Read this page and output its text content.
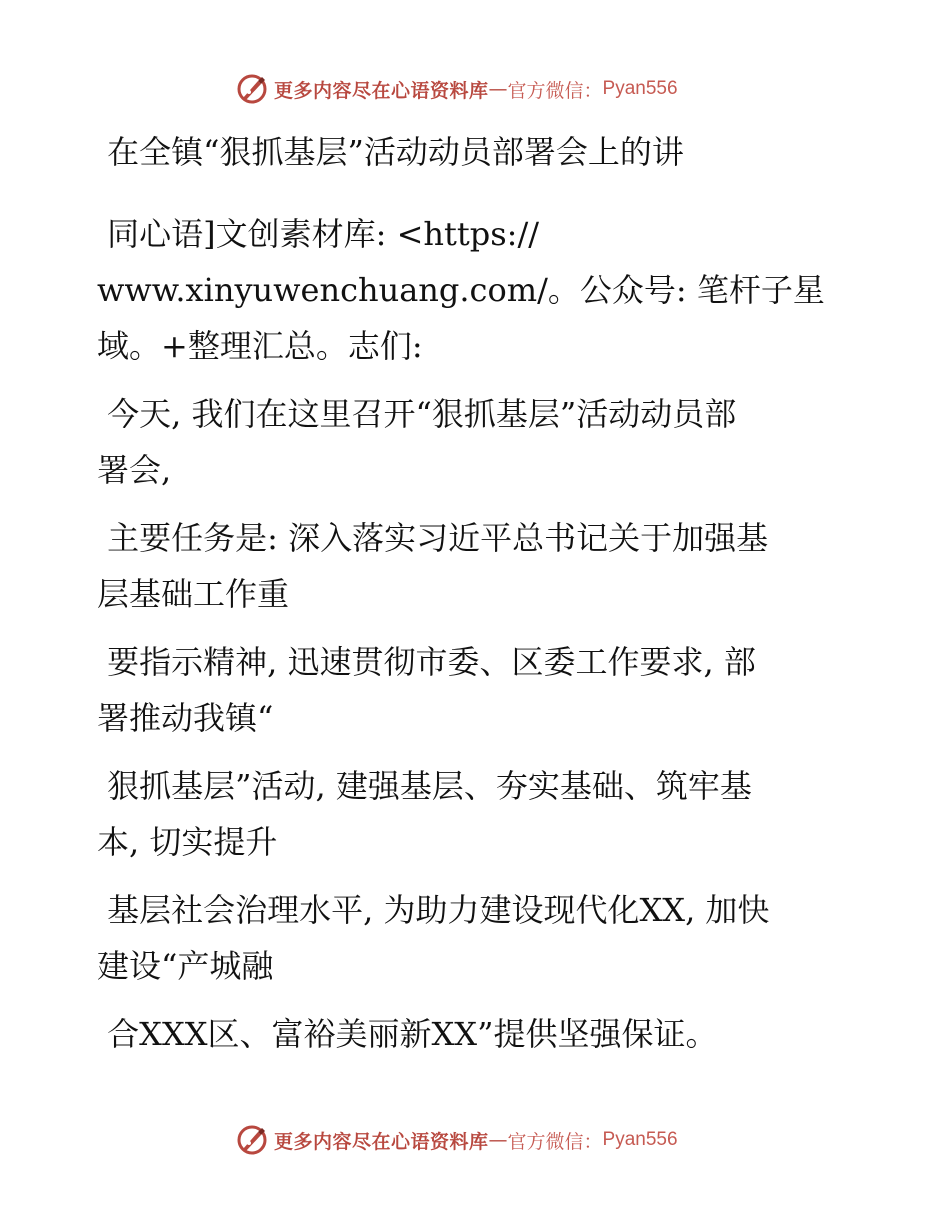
更多内容尽在心语资料库 — 官方微信： Pyan556

在全镇“狠抓基层”活动动员部署会上的讲

同心语]文创素材库: <https://
www.xinyuwenchuang.com/。公众号: 笔杆子星
域。+整理汇总。志们:

今天, 我们在这里召开“狠抓基层”活动动员部
署会,

主要任务是: 深入落实习近平总书记关于加强基
层基础工作重

要指示精神, 迅速贯彻市委、区委工作要求, 部
署推动我镇“

狠抓基层”活动, 建强基层、夯实基础、筑牢基
本, 切实提升

基层社会治理水平, 为助力建设现代化XX, 加快
建设“产城融

合XXX区、富裕美丽新XX”提供坚强保证。

更多内容尽在心语资料库 — 官方微信： Pyan556
